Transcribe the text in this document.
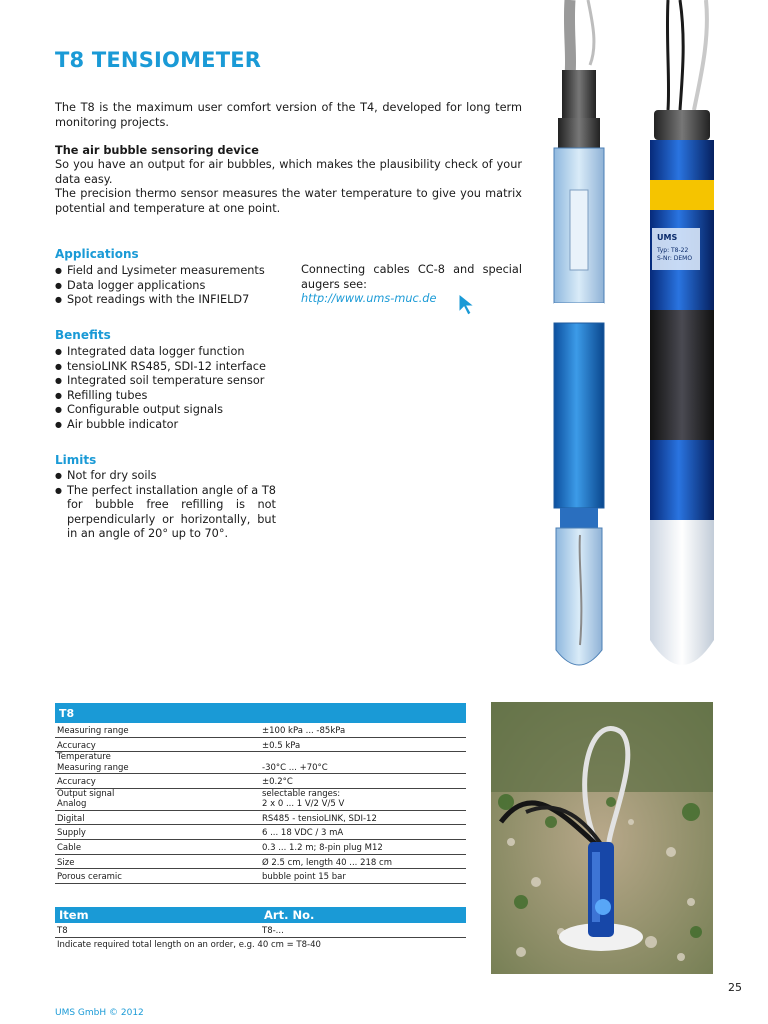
T8 TENSIOMETER
The T8 is the maximum user comfort version of the T4, developed for long term monitoring projects.
The air bubble sensoring device
So you have an output for air bubbles, which makes the plausibility check of your data easy.
The precision thermo sensor measures the water temperature to give you matrix potential and temperature at one point.
Applications
● Field and Lysimeter measurements
● Data logger applications
● Spot readings with the INFIELD7
Connecting cables CC-8 and special augers see:
http://www.ums-muc.de
Benefits
● Integrated data logger function
● tensioLINK RS485, SDI-12 interface
● Integrated soil temperature sensor
● Refilling tubes
● Configurable output signals
● Air bubble indicator
Limits
● Not for dry soils
● The perfect installation angle of a T8 for bubble free refilling is not perpendicularly or horizontally, but in an angle of 20° up to 70°.
UMS
Typ: T8-22
S-Nr: DEMO
T8
Measuring range	±100 kPa ... -85kPa
Accuracy	±0.5 kPa
Temperature
Measuring range	-30°C ... +70°C
Accuracy	±0.2°C
Output signal
Analog	selectable ranges:
2 x 0 ... 1 V/2 V/5 V
Digital	RS485 - tensioLINK, SDI-12
Supply	6 ... 18 VDC / 3 mA
Cable	0.3 ... 1.2 m; 8-pin plug M12
Size	Ø 2.5 cm, length 40 ... 218 cm
Porous ceramic	bubble point 15 bar
Item	Art. No.
T8	T8-...
Indicate required total length on an order, e.g. 40 cm = T8-40
UMS GmbH © 2012
25
